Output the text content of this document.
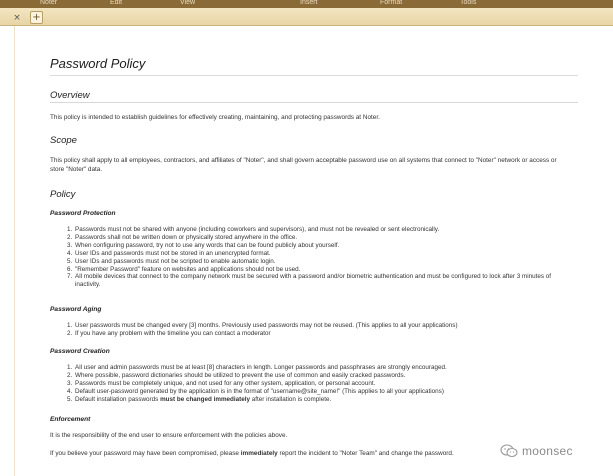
Noter	Edit	View	Insert	Format	Tools
× +
Password Policy
Overview

This policy is intended to establish guidelines for effectively creating, maintaining, and protecting passwords at Noter.

Scope

This policy shall apply to all employees, contractors, and affiliates of "Noter", and shall govern acceptable password use on all systems that connect to "Noter" network or access or store "Noter" data.

Policy
Password Protection
1. Passwords must not be shared with anyone (including coworkers and supervisors), and must not be revealed or sent electronically.
2. Passwords shall not be written down or physically stored anywhere in the office.
3. When configuring password, try not to use any words that can be found publicly about yourself.
4. User IDs and passwords must not be stored in an unencrypted format.
5. User IDs and passwords must not be scripted to enable automatic login.
6. "Remember Password" feature on websites and applications should not be used.
7. All mobile devices that connect to the company network must be secured with a password and/or biometric authentication and must be configured to lock after 3 minutes of inactivity.
Password Aging
1. User passwords must be changed every [3] months. Previously used passwords may not be reused. (This applies to all your applications)
2. If you have any problem with the timeline you can contact a moderator
Password Creation
1. All user and admin passwords must be at least [8] characters in length. Longer passwords and passphrases are strongly encouraged.
2. Where possible, password dictionaries should be utilized to prevent the use of common and easily cracked passwords.
3. Passwords must be completely unique, and not used for any other system, application, or personal account.
4. Default user-password generated by the application is in the format of "username@site_name!" (This applies to all your applications)
5. Default installation passwords must be changed immediately after installation is complete.
Enforcement

It is the responsibility of the end user to ensure enforcement with the policies above.

If you believe your password may have been compromised, please immediately report the incident to "Noter Team" and change the password.	moonsec
